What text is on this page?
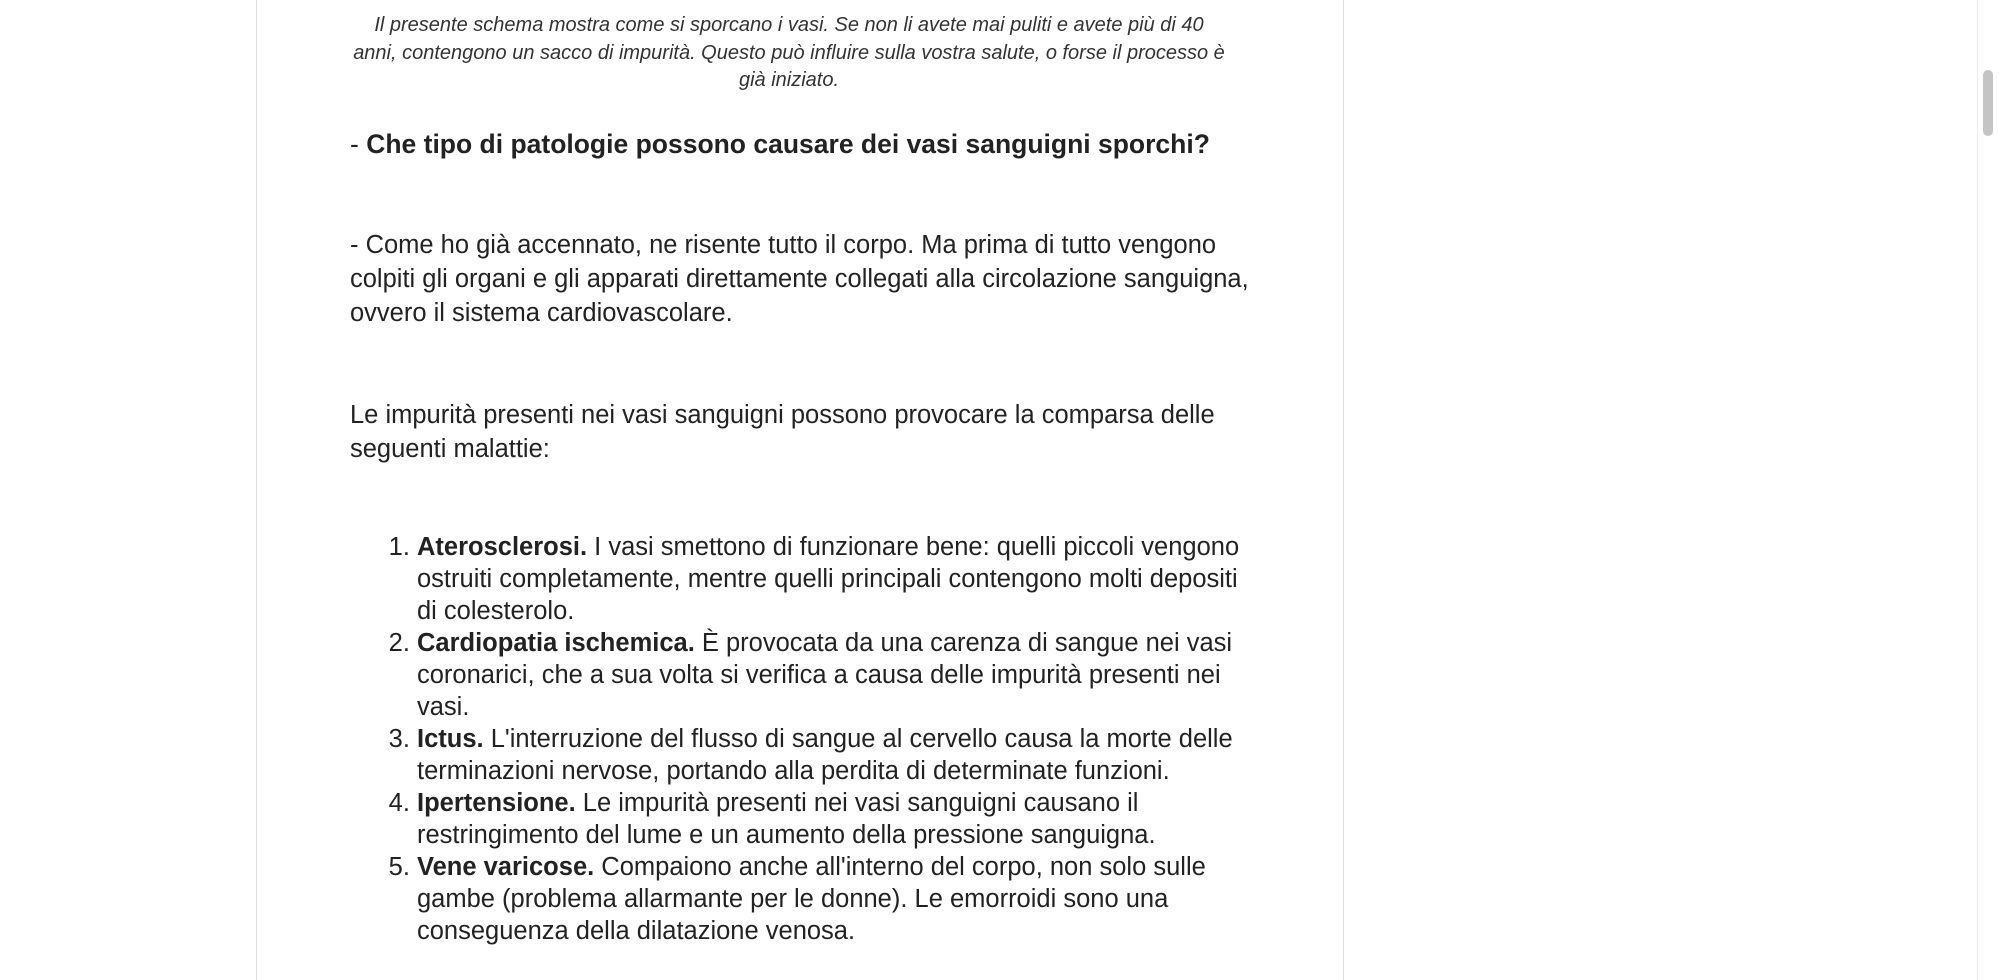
Il presente schema mostra come si sporcano i vasi. Se non li avete mai puliti e avete più di 40 anni, contengono un sacco di impurità. Questo può influire sulla vostra salute, o forse il processo è già iniziato.

- Che tipo di patologie possono causare dei vasi sanguigni sporchi?

- Come ho già accennato, ne risente tutto il corpo. Ma prima di tutto vengono colpiti gli organi e gli apparati direttamente collegati alla circolazione sanguigna, ovvero il sistema cardiovascolare.

Le impurità presenti nei vasi sanguigni possono provocare la comparsa delle seguenti malattie:

1. Aterosclerosi. I vasi smettono di funzionare bene: quelli piccoli vengono ostruiti completamente, mentre quelli principali contengono molti depositi di colesterolo.
2. Cardiopatia ischemica. È provocata da una carenza di sangue nei vasi coronarici, che a sua volta si verifica a causa delle impurità presenti nei vasi.
3. Ictus. L'interruzione del flusso di sangue al cervello causa la morte delle terminazioni nervose, portando alla perdita di determinate funzioni.
4. Ipertensione. Le impurità presenti nei vasi sanguigni causano il restringimento del lume e un aumento della pressione sanguigna.
5. Vene varicose. Compaiono anche all'interno del corpo, non solo sulle gambe (problema allarmante per le donne). Le emorroidi sono una conseguenza della dilatazione venosa.
